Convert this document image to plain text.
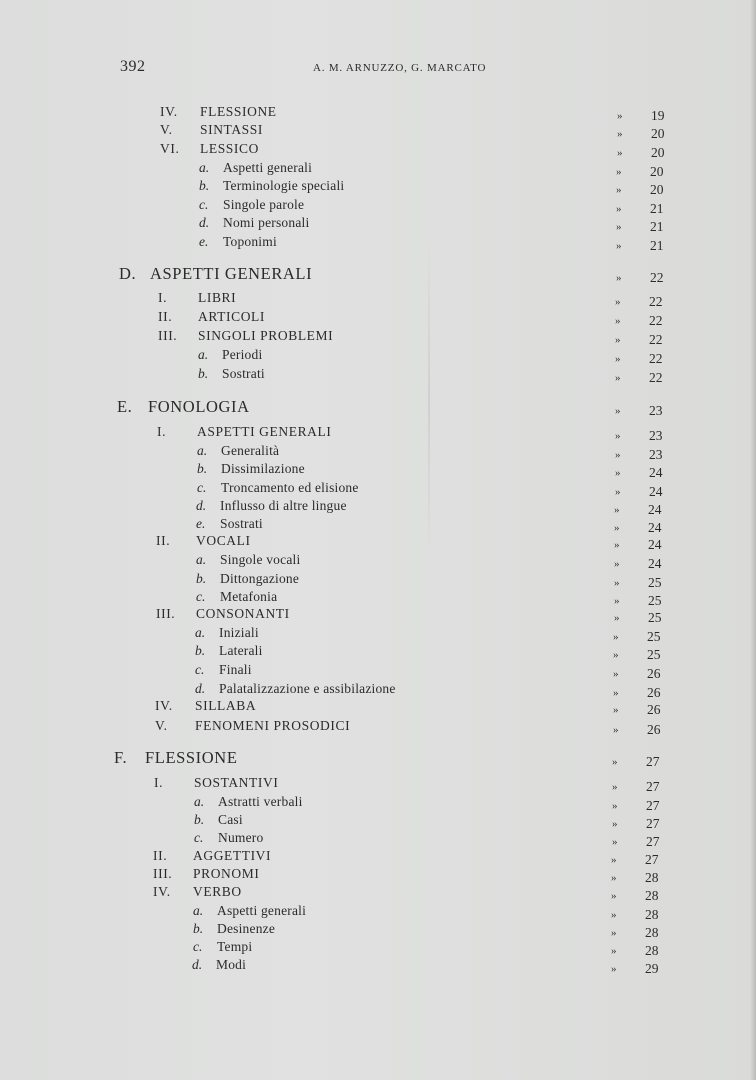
392	A. M. ARNUZZO, G. MARCATO
IV. FLESSIONE	» 19
V. SINTASSI	» 20
VI. LESSICO	» 20
a. Aspetti generali	» 20
b. Terminologie speciali	» 20
c. Singole parole	» 21
d. Nomi personali	» 21
e. Toponimi	» 21
D. ASPETTI GENERALI	» 22
I. LIBRI	» 22
II. ARTICOLI	» 22
III. SINGOLI PROBLEMI	» 22
a. Periodi	» 22
b. Sostrati	» 22
E. FONOLOGIA	» 23
I. ASPETTI GENERALI	» 23
a. Generalità	» 23
b. Dissimilazione	» 24
c. Troncamento ed elisione	» 24
d. Influsso di altre lingue	» 24
e. Sostrati	» 24
II. VOCALI	» 24
a. Singole vocali	» 24
b. Dittongazione	» 25
c. Metafonia	» 25
III. CONSONANTI	» 25
a. Iniziali	» 25
b. Laterali	» 25
c. Finali	» 26
d. Palatalizzazione e assibilazione	» 26
IV. SILLABA	» 26
V. FENOMENI PROSODICI	» 26
F. FLESSIONE	» 27
I. SOSTANTIVI	» 27
a. Astratti verbali	» 27
b. Casi	» 27
c. Numero	» 27
II. AGGETTIVI	» 27
III. PRONOMI	» 28
IV. VERBO	» 28
a. Aspetti generali	» 28
b. Desinenze	» 28
c. Tempi	» 28
d. Modi	» 29
